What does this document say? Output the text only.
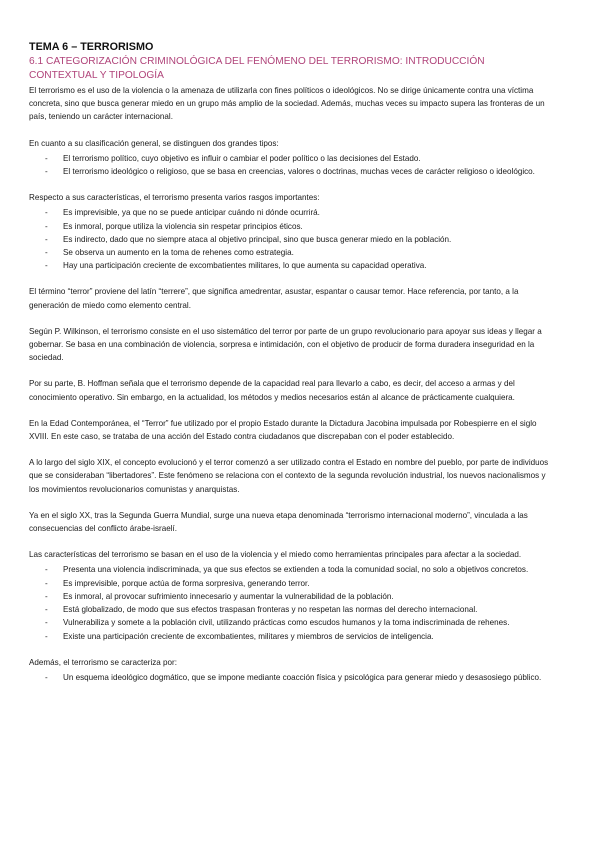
TEMA 6 – TERRORISMO
6.1 CATEGORIZACIÓN CRIMINOLÓGICA DEL FENÓMENO DEL TERRORISMO: INTRODUCCIÓN CONTEXTUAL Y TIPOLOGÍA

El terrorismo es el uso de la violencia o la amenaza de utilizarla con fines políticos o ideológicos. No se dirige únicamente contra una víctima concreta, sino que busca generar miedo en un grupo más amplio de la sociedad. Además, muchas veces su impacto supera las fronteras de un país, teniendo un carácter internacional.

En cuanto a su clasificación general, se distinguen dos grandes tipos:

- El terrorismo político, cuyo objetivo es influir o cambiar el poder político o las decisiones del Estado.
- El terrorismo ideológico o religioso, que se basa en creencias, valores o doctrinas, muchas veces de carácter religioso o ideológico.

Respecto a sus características, el terrorismo presenta varios rasgos importantes:

- Es imprevisible, ya que no se puede anticipar cuándo ni dónde ocurrirá.
- Es inmoral, porque utiliza la violencia sin respetar principios éticos.
- Es indirecto, dado que no siempre ataca al objetivo principal, sino que busca generar miedo en la población.
- Se observa un aumento en la toma de rehenes como estrategia.
- Hay una participación creciente de excombatientes militares, lo que aumenta su capacidad operativa.

El término “terror” proviene del latín “terrere”, que significa amedrentar, asustar, espantar o causar temor. Hace referencia, por tanto, a la generación de miedo como elemento central.

Según P. Wilkinson, el terrorismo consiste en el uso sistemático del terror por parte de un grupo revolucionario para apoyar sus ideas y llegar a gobernar. Se basa en una combinación de violencia, sorpresa e intimidación, con el objetivo de producir de forma duradera inseguridad en la sociedad.

Por su parte, B. Hoffman señala que el terrorismo depende de la capacidad real para llevarlo a cabo, es decir, del acceso a armas y del conocimiento operativo. Sin embargo, en la actualidad, los métodos y medios necesarios están al alcance de prácticamente cualquiera.

En la Edad Contemporánea, el “Terror” fue utilizado por el propio Estado durante la Dictadura Jacobina impulsada por Robespierre en el siglo XVIII. En este caso, se trataba de una acción del Estado contra ciudadanos que discrepaban con el poder establecido.

A lo largo del siglo XIX, el concepto evolucionó y el terror comenzó a ser utilizado contra el Estado en nombre del pueblo, por parte de individuos que se consideraban “libertadores”. Este fenómeno se relaciona con el contexto de la segunda revolución industrial, los nuevos nacionalismos y los movimientos revolucionarios comunistas y anarquistas.

Ya en el siglo XX, tras la Segunda Guerra Mundial, surge una nueva etapa denominada “terrorismo internacional moderno”, vinculada a las consecuencias del conflicto árabe-israelí.

Las características del terrorismo se basan en el uso de la violencia y el miedo como herramientas principales para afectar a la sociedad.

- Presenta una violencia indiscriminada, ya que sus efectos se extienden a toda la comunidad social, no solo a objetivos concretos.
- Es imprevisible, porque actúa de forma sorpresiva, generando terror.
- Es inmoral, al provocar sufrimiento innecesario y aumentar la vulnerabilidad de la población.
- Está globalizado, de modo que sus efectos traspasan fronteras y no respetan las normas del derecho internacional.
- Vulnerabiliza y somete a la población civil, utilizando prácticas como escudos humanos y la toma indiscriminada de rehenes.
- Existe una participación creciente de excombatientes, militares y miembros de servicios de inteligencia.

Además, el terrorismo se caracteriza por:

- Un esquema ideológico dogmático, que se impone mediante coacción física y psicológica para generar miedo y desasosiego público.
